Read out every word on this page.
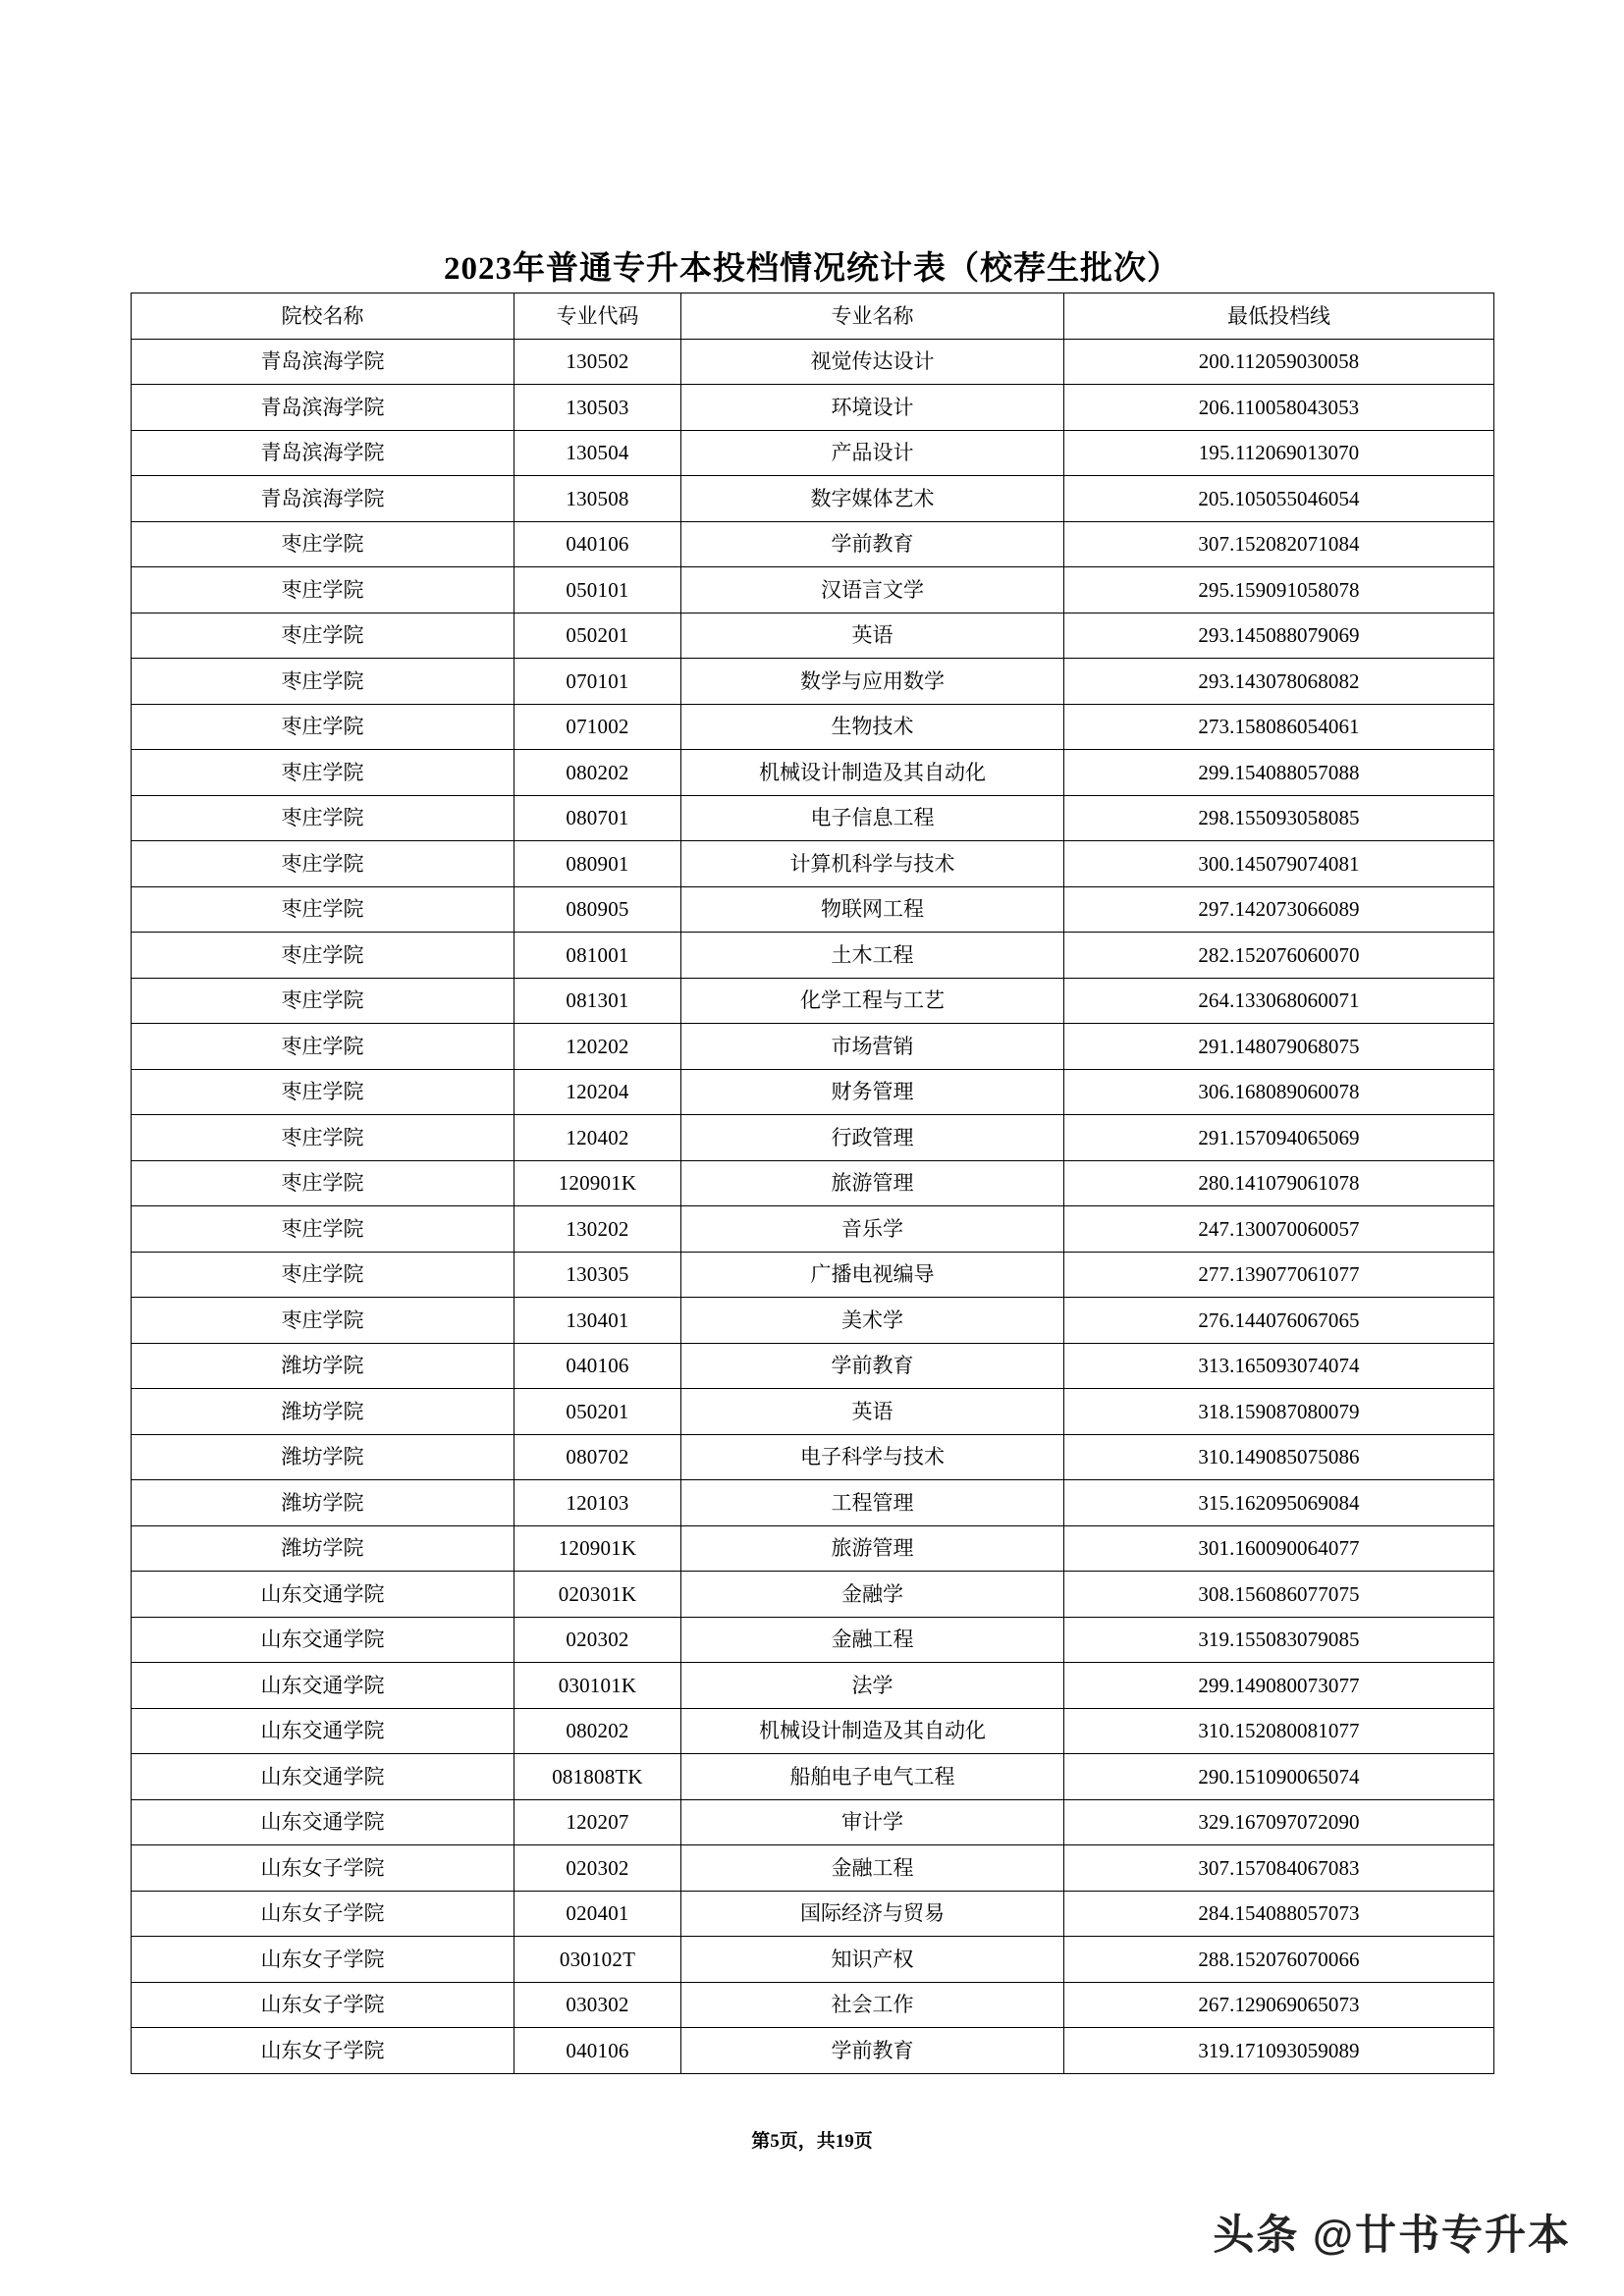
2023年普通专升本投档情况统计表（校荐生批次）
院校名称	专业代码	专业名称	最低投档线
青岛滨海学院	130502	视觉传达设计	200.112059030058
青岛滨海学院	130503	环境设计	206.110058043053
青岛滨海学院	130504	产品设计	195.112069013070
青岛滨海学院	130508	数字媒体艺术	205.105055046054
枣庄学院	040106	学前教育	307.152082071084
枣庄学院	050101	汉语言文学	295.159091058078
枣庄学院	050201	英语	293.145088079069
枣庄学院	070101	数学与应用数学	293.143078068082
枣庄学院	071002	生物技术	273.158086054061
枣庄学院	080202	机械设计制造及其自动化	299.154088057088
枣庄学院	080701	电子信息工程	298.155093058085
枣庄学院	080901	计算机科学与技术	300.145079074081
枣庄学院	080905	物联网工程	297.142073066089
枣庄学院	081001	土木工程	282.152076060070
枣庄学院	081301	化学工程与工艺	264.133068060071
枣庄学院	120202	市场营销	291.148079068075
枣庄学院	120204	财务管理	306.168089060078
枣庄学院	120402	行政管理	291.157094065069
枣庄学院	120901K	旅游管理	280.141079061078
枣庄学院	130202	音乐学	247.130070060057
枣庄学院	130305	广播电视编导	277.139077061077
枣庄学院	130401	美术学	276.144076067065
潍坊学院	040106	学前教育	313.165093074074
潍坊学院	050201	英语	318.159087080079
潍坊学院	080702	电子科学与技术	310.149085075086
潍坊学院	120103	工程管理	315.162095069084
潍坊学院	120901K	旅游管理	301.160090064077
山东交通学院	020301K	金融学	308.156086077075
山东交通学院	020302	金融工程	319.155083079085
山东交通学院	030101K	法学	299.149080073077
山东交通学院	080202	机械设计制造及其自动化	310.152080081077
山东交通学院	081808TK	船舶电子电气工程	290.151090065074
山东交通学院	120207	审计学	329.167097072090
山东女子学院	020302	金融工程	307.157084067083
山东女子学院	020401	国际经济与贸易	284.154088057073
山东女子学院	030102T	知识产权	288.152076070066
山东女子学院	030302	社会工作	267.129069065073
山东女子学院	040106	学前教育	319.171093059089
第5页，共19页
头条 @廿书专升本
